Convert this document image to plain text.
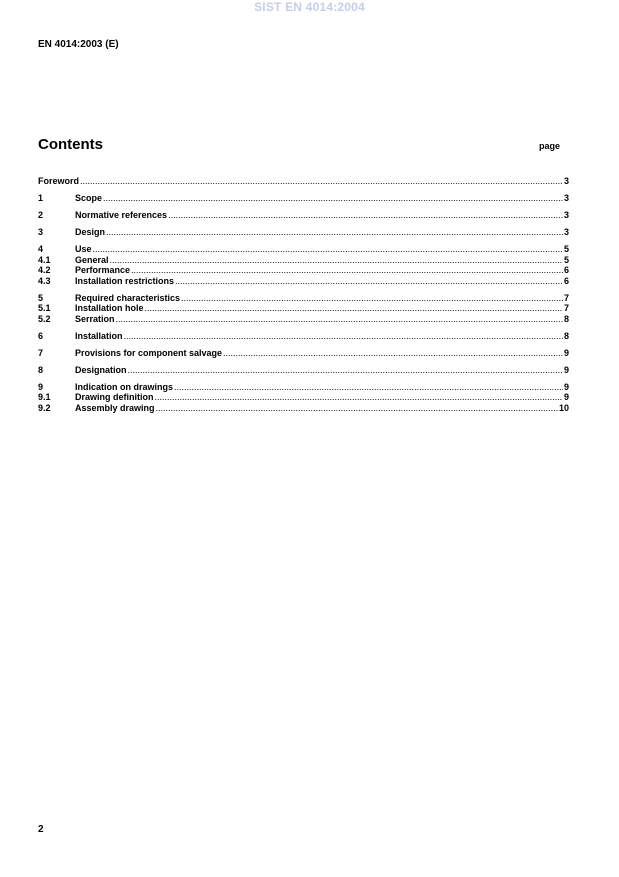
SIST EN 4014:2004
EN 4014:2003 (E)
Contents	page
Foreword .....	3
1	Scope .....	3
2	Normative references .....	3
3	Design .....	3
4	Use .....	5
4.1	General .....	5
4.2	Performance .....	6
4.3	Installation restrictions .....	6
5	Required characteristics .....	7
5.1	Installation hole .....	7
5.2	Serration .....	8
6	Installation .....	8
7	Provisions for component salvage .....	9
8	Designation .....	9
9	Indication on drawings .....	9
9.1	Drawing definition .....	9
9.2	Assembly drawing .....	10
2
